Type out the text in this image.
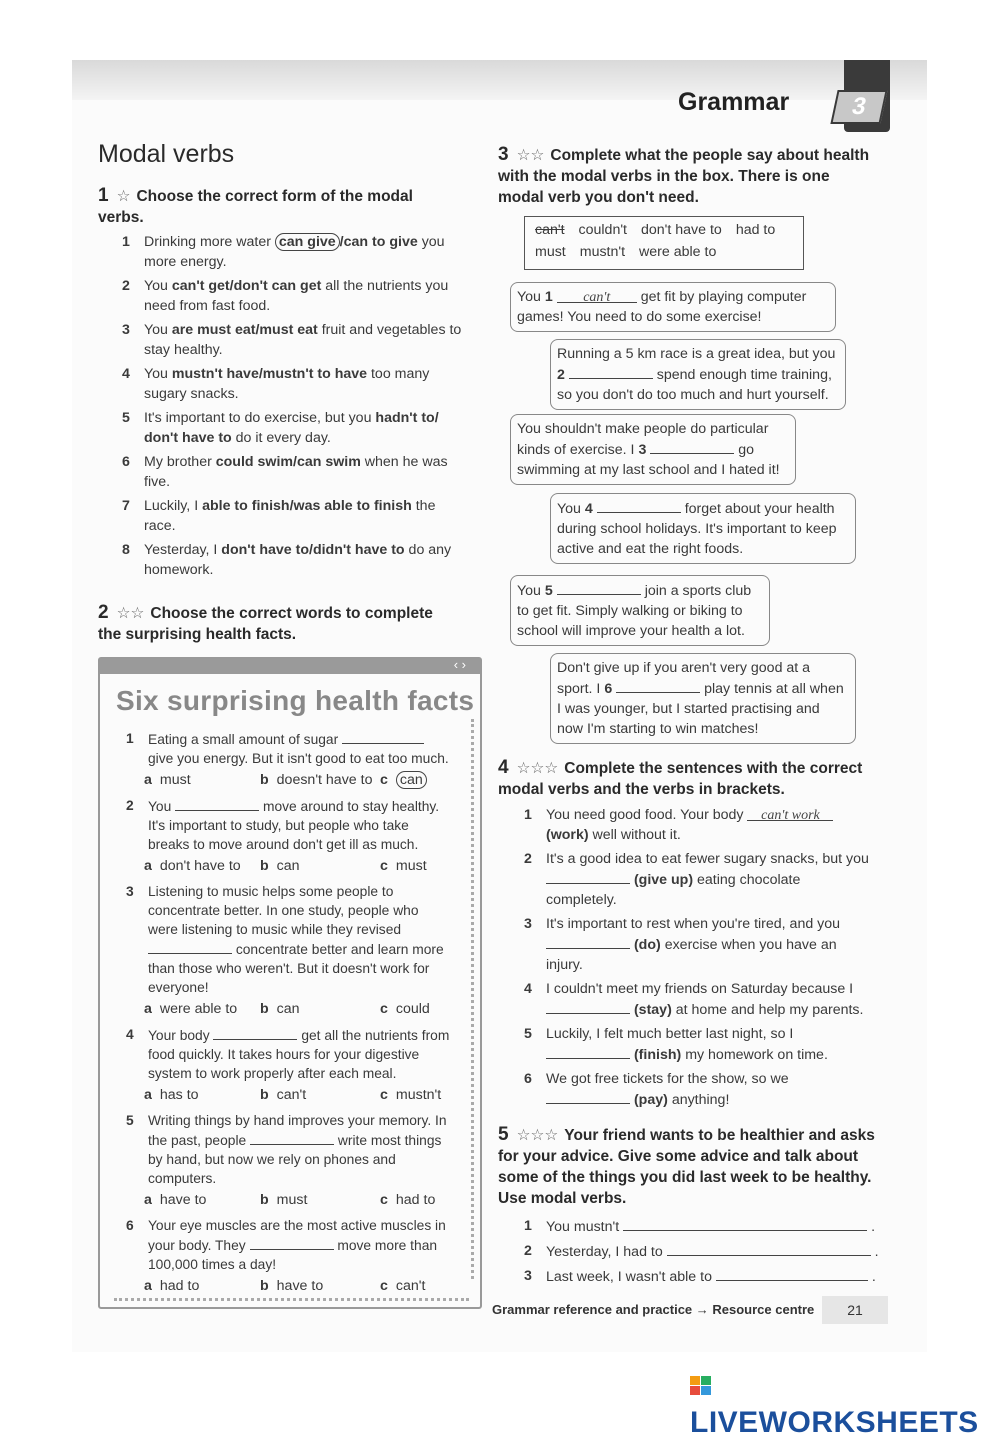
Grammar	3
Modal verbs
1 ☆ Choose the correct form of the modal verbs.
1 Drinking more water can give /can to give you more energy.
2 You can't get/don't can get all the nutrients you need from fast food.
3 You are must eat/must eat fruit and vegetables to stay healthy.
4 You mustn't have/mustn't to have too many sugary snacks.
5 It's important to do exercise, but you hadn't to/ don't have to do it every day.
6 My brother could swim/can swim when he was five.
7 Luckily, I able to finish/was able to finish the race.
8 Yesterday, I don't have to/didn't have to do any homework.
2 ☆☆ Choose the correct words to complete the surprising health facts.
‹ ›
Six surprising health facts
1	Eating a small amount of sugar  give you energy. But it isn't good to eat too much.
a must	b doesn't have to c can
2	You	move around to stay healthy. It's important to study, but people who take breaks to move around don't get ill as much.
a don't have to	b can	c must
3	Listening to music helps some people to concentrate better. In one study, people who were listening to music while they revised  concentrate better and learn more than those who weren't. But it doesn't work for everyone!
a were able to	b can	c could
4	Your body	get all the nutrients from food quickly. It takes hours for your digestive system to work properly after each meal.
a has to	b can't	c mustn't
5	Writing things by hand improves your memory. In the past, people	write most things by hand, but now we rely on phones and computers.
a have to	b must	c had to
6	Your eye muscles are the most active muscles in your body. They	move more than 100,000 times a day!
a had to	b have to	c can't
3 ☆☆ Complete what the people say about health with the modal verbs in the box. There is one modal verb you don't need.
can't couldn't don't have to had to
must mustn't were able to
You 1 can't get fit by playing computer games! You need to do some exercise!
Running a 5 km race is a great idea, but you 2	spend enough time training, so you don't do too much and hurt yourself.
You shouldn't make people do particular kinds of exercise. I 3	go swimming at my last school and I hated it!
You 4	forget about your health during school holidays. It's important to keep active and eat the right foods.
You 5	join a sports club to get fit. Simply walking or biking to school will improve your health a lot.
Don't give up if you aren't very good at a sport. I 6	play tennis at all when I was younger, but I started practising and now I'm starting to win matches!
4 ☆☆☆ Complete the sentences with the correct modal verbs and the verbs in brackets.
1 You need good food. Your body can't work (work) well without it.
2 It's a good idea to eat fewer sugary snacks, but you  (give up) eating chocolate completely.
3 It's important to rest when you're tired, and you  (do) exercise when you have an injury.
4 I couldn't meet my friends on Saturday because I  (stay) at home and help my parents.
5 Luckily, I felt much better last night, so I  (finish) my homework on time.
6 We got free tickets for the show, so we  (pay) anything!
5 ☆☆☆ Your friend wants to be healthier and asks for your advice. Give some advice and talk about some of the things you did last week to be healthy. Use modal verbs.
1 You mustn't	.
2 Yesterday, I had to	.
3 Last week, I wasn't able to	.
Grammar reference and practice → Resource centre	21
LIVEWORKSHEETS
